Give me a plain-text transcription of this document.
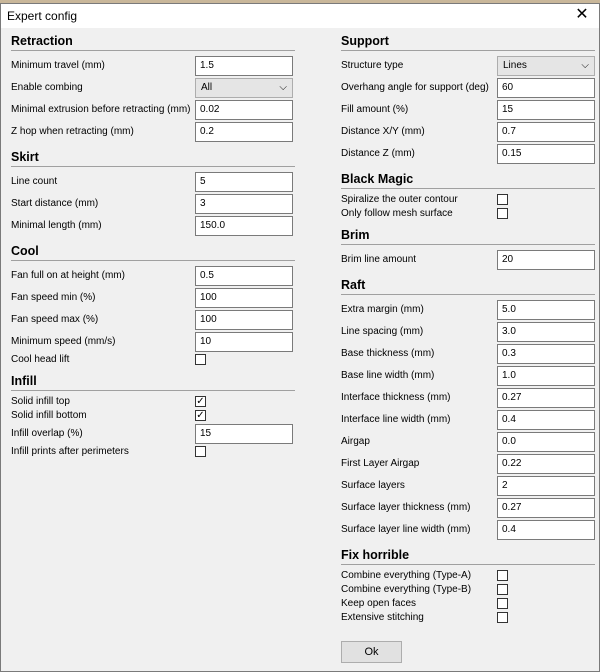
Expert config	✕
Retraction
Minimum travel (mm)	1.5
Enable combing	All	⌵
Minimal extrusion before retracting (mm) 0.02
Z hop when retracting (mm)	0.2
Skirt
Line count	5
Start distance (mm)	3
Minimal length (mm)	150.0
Cool
Fan full on at height (mm)	0.5
Fan speed min (%)	100
Fan speed max (%)	100
Minimum speed (mm/s)	10
Cool head lift
Infill
Solid infill top	✓
Solid infill bottom	✓
Infill overlap (%)	15
Infill prints after perimeters
Support
Structure type	Lines	⌵
Overhang angle for support (deg)	60
Fill amount (%)	15
Distance X/Y (mm)	0.7
Distance Z (mm)	0.15
Black Magic
Spiralize the outer contour
Only follow mesh surface
Brim
Brim line amount	20
Raft
Extra margin (mm)	5.0
Line spacing (mm)	3.0
Base thickness (mm)	0.3
Base line width (mm)	1.0
Interface thickness (mm)	0.27
Interface line width (mm)	0.4
Airgap	0.0
First Layer Airgap	0.22
Surface layers	2
Surface layer thickness (mm)	0.27
Surface layer line width (mm)	0.4
Fix horrible
Combine everything (Type-A)
Combine everything (Type-B)
Keep open faces
Extensive stitching
Ok
